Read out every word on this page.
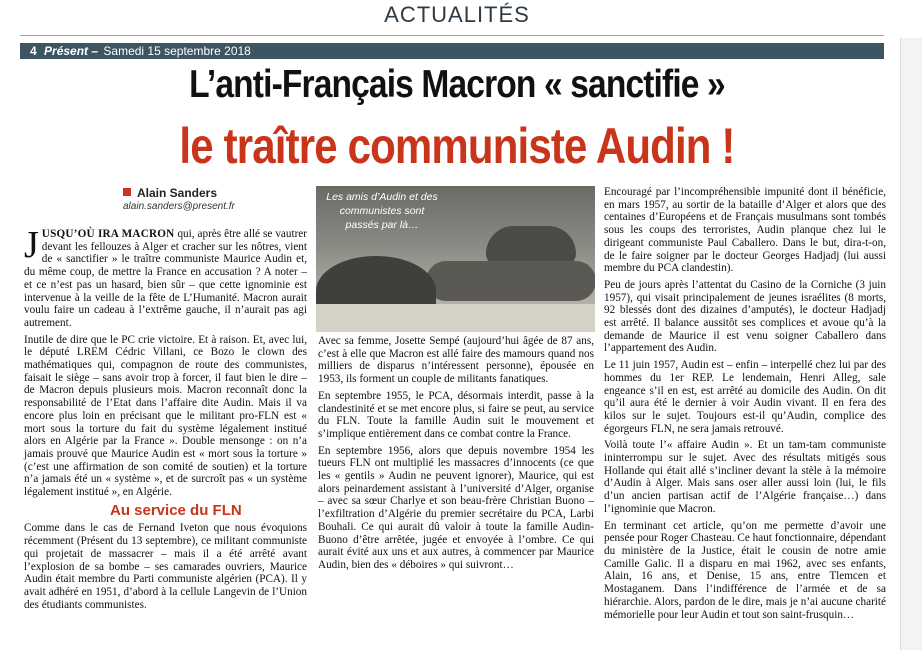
ACTUALITÉS
4 Présent – Samedi 15 septembre 2018
L’anti-Français Macron « sanctifie »
le traître communiste Audin !
Alain Sanders
alain.sanders@present.fr

JUSQU’OÙ IRA MACRON qui, après être allé se vautrer devant les fellouzes à Alger et cracher sur les nôtres, vient de « sanctifier » le traître communiste Maurice Audin et, du même coup, de mettre la France en accusation ? A noter – et ce n’est pas un hasard, bien sûr – que cette ignominie est intervenue à la veille de la fête de L’Humanité. Macron aurait voulu faire un cadeau à l’extrême gauche, il n’aurait pas agi autrement.

Inutile de dire que le PC crie victoire. Et à raison. Et, avec lui, le député LREM Cédric Villani, ce Bozo le clown des mathématiques qui, compagnon de route des communistes, faisait le siège – sans avoir trop à forcer, il faut bien le dire – de Macron depuis plusieurs mois. Macron reconnaît donc la responsabilité de l’Etat dans l’affaire dite Audin. Mais il va encore plus loin en précisant que le militant pro-FLN est « mort sous la torture du fait du système légalement institué alors en Algérie par la France ». Double mensonge : on n’a jamais prouvé que Maurice Audin est « mort sous la torture » (c’est une affirmation de son comité de soutien) et la torture n’a jamais été un « système », et de surcroît pas « un système légalement institué », en Algérie.

Au service du FLN

Comme dans le cas de Fernand Iveton que nous évoquions récemment (Présent du 13 septembre), ce militant communiste qui projetait de massacrer – mais il a été arrêté avant l’explosion de sa bombe – ses camarades ouvriers, Maurice Audin était membre du Parti communiste algérien (PCA). Il y avait adhéré en 1951, d’abord à la cellule Langevin de l’Union des étudiants communistes.

Les amis d’Audin et des communistes sont passés par là…

Avec sa femme, Josette Sempé (aujourd’hui âgée de 87 ans, c’est à elle que Macron est allé faire des mamours quand nos milliers de disparus n’intéressent personne), épousée en 1953, ils forment un couple de militants fanatiques.

En septembre 1955, le PCA, désormais interdit, passe à la clandestinité et se met encore plus, si faire se peut, au service du FLN. Toute la famille Audin suit le mouvement et s’implique entièrement dans ce combat contre la France.

En septembre 1956, alors que depuis novembre 1954 les tueurs FLN ont multiplié les massacres d’innocents (ce que les « gentils » Audin ne peuvent ignorer), Maurice, qui est alors peinardement assistant à l’université d’Alger, organise – avec sa sœur Charlye et son beau-frère Christian Buono – l’exfiltration d’Algérie du premier secrétaire du PCA, Larbi Bouhali. Ce qui aurait dû valoir à toute la famille Audin-Buono d’être arrêtée, jugée et envoyée à l’ombre. Ce qui aurait évité aux uns et aux autres, à commencer par Maurice Audin, bien des « déboires » qui suivront…

Encouragé par l’incompréhensible impunité dont il bénéficie, en mars 1957, au sortir de la bataille d’Alger et alors que des centaines d’Européens et de Français musulmans sont tombés sous les coups des terroristes, Audin planque chez lui le dirigeant communiste Paul Caballero. Dans le but, dira-t-on, de le faire soigner par le docteur Georges Hadjadj (lui aussi membre du PCA clandestin).

Peu de jours après l’attentat du Casino de la Corniche (3 juin 1957), qui visait principalement de jeunes israélites (8 morts, 92 blessés dont des dizaines d’amputés), le docteur Hadjadj est arrêté. Il balance aussitôt ses complices et avoue qu’à la demande de Maurice il est venu soigner Caballero dans l’appartement des Audin.

Le 11 juin 1957, Audin est – enfin – interpellé chez lui par des hommes du 1er REP. Le lendemain, Henri Alleg, sale engeance s’il en est, est arrêté au domicile des Audin. On dit qu’il aura été le dernier à voir Audin vivant. Il en fera des kilos sur le sujet. Toujours est-il qu’Audin, complice des égorgeurs FLN, ne sera jamais retrouvé.

Voilà toute l’« affaire Audin ». Et un tam-tam communiste ininterrompu sur le sujet. Avec des résultats mitigés sous Hollande qui était allé s’incliner devant la stèle à la mémoire d’Audin à Alger. Mais sans oser aller aussi loin (lui, le fils d’un ancien partisan actif de l’Algérie française…) dans l’ignominie que Macron.

En terminant cet article, qu’on me permette d’avoir une pensée pour Roger Chasteau. Ce haut fonctionnaire, dépendant du ministère de la Justice, était le cousin de notre amie Camille Galic. Il a disparu en mai 1962, avec ses enfants, Alain, 16 ans, et Denise, 15 ans, entre Tlemcen et Mostaganem. Dans l’indifférence de l’armée et de sa hiérarchie. Alors, pardon de le dire, mais je n’ai aucune charité mémorielle pour leur Audin et tout son saint-frusquin…
